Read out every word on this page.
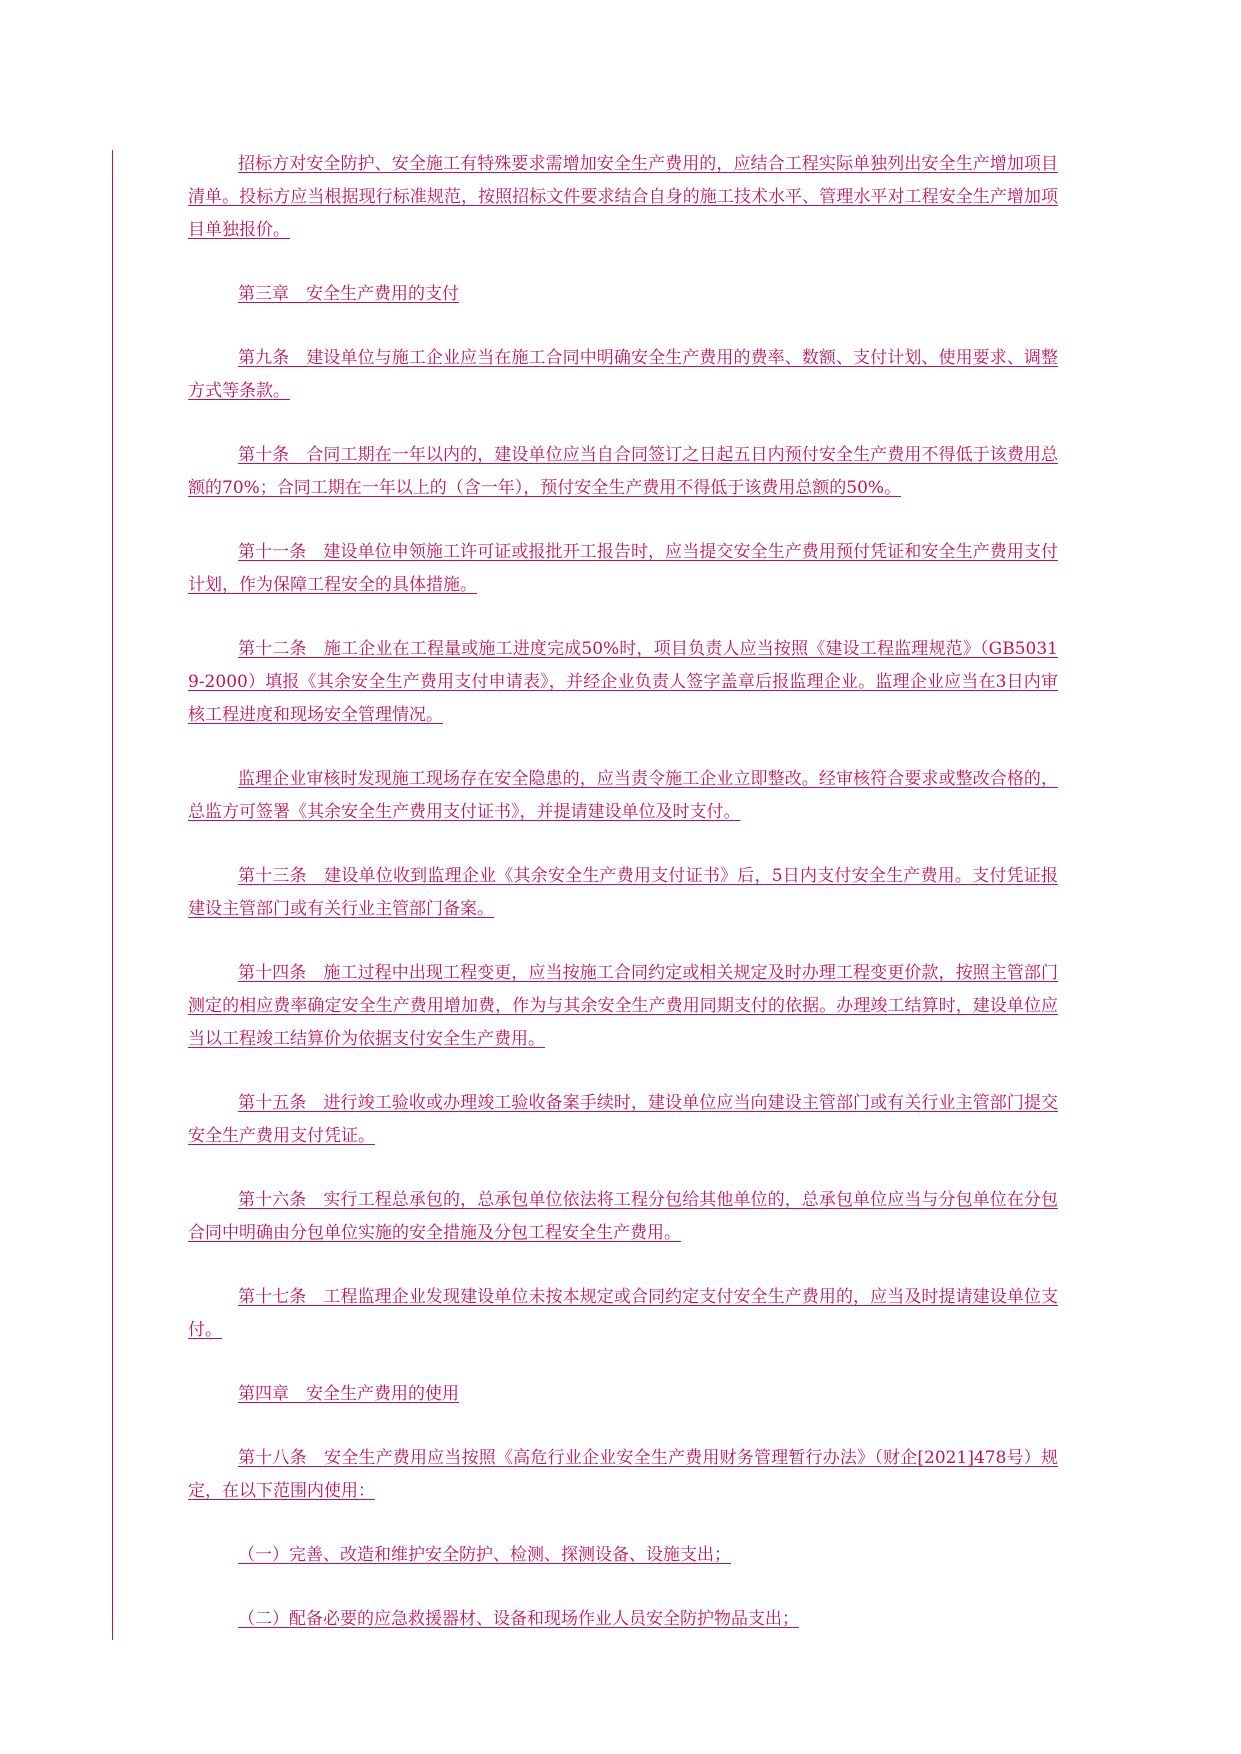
招标方对安全防护、安全施工有特殊要求需增加安全生产费用的，应结合工程实际单独列出安全生产增加项目清单。投标方应当根据现行标准规范，按照招标文件要求结合自身的施工技术水平、管理水平对工程安全生产增加项目单独报价。

第三章　安全生产费用的支付

第九条　建设单位与施工企业应当在施工合同中明确安全生产费用的费率、数额、支付计划、使用要求、调整方式等条款。

第十条　合同工期在一年以内的，建设单位应当自合同签订之日起五日内预付安全生产费用不得低于该费用总额的70%；合同工期在一年以上的（含一年），预付安全生产费用不得低于该费用总额的50%。

第十一条　建设单位申领施工许可证或报批开工报告时，应当提交安全生产费用预付凭证和安全生产费用支付计划，作为保障工程安全的具体措施。

第十二条　施工企业在工程量或施工进度完成50%时，项目负责人应当按照《建设工程监理规范》（GB50319-2000）填报《其余安全生产费用支付申请表》，并经企业负责人签字盖章后报监理企业。监理企业应当在3日内审核工程进度和现场安全管理情况。

监理企业审核时发现施工现场存在安全隐患的，应当责令施工企业立即整改。经审核符合要求或整改合格的，总监方可签署《其余安全生产费用支付证书》，并提请建设单位及时支付。

第十三条　建设单位收到监理企业《其余安全生产费用支付证书》后，5日内支付安全生产费用。支付凭证报建设主管部门或有关行业主管部门备案。

第十四条　施工过程中出现工程变更，应当按施工合同约定或相关规定及时办理工程变更价款，按照主管部门测定的相应费率确定安全生产费用增加费，作为与其余安全生产费用同期支付的依据。办理竣工结算时，建设单位应当以工程竣工结算价为依据支付安全生产费用。

第十五条　进行竣工验收或办理竣工验收备案手续时，建设单位应当向建设主管部门或有关行业主管部门提交安全生产费用支付凭证。

第十六条　实行工程总承包的，总承包单位依法将工程分包给其他单位的，总承包单位应当与分包单位在分包合同中明确由分包单位实施的安全措施及分包工程安全生产费用。

第十七条　工程监理企业发现建设单位未按本规定或合同约定支付安全生产费用的，应当及时提请建设单位支付。

第四章　安全生产费用的使用

第十八条　安全生产费用应当按照《高危行业企业安全生产费用财务管理暂行办法》（财企[2021]478号）规定，在以下范围内使用：

（一）完善、改造和维护安全防护、检测、探测设备、设施支出；

（二）配备必要的应急救援器材、设备和现场作业人员安全防护物品支出；
